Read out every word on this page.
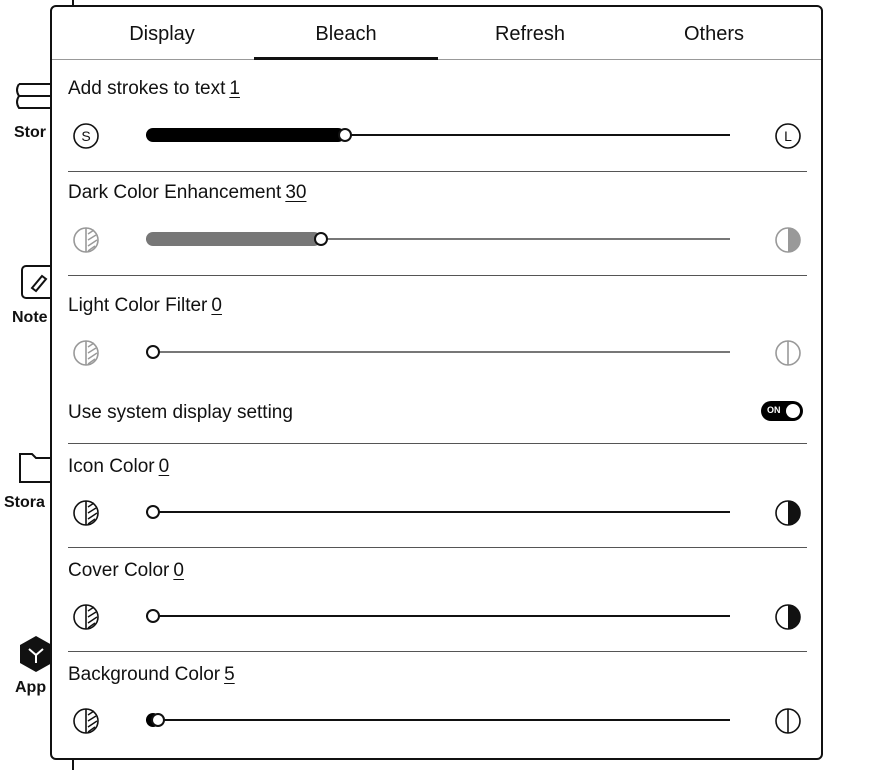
Stor
Note
Stora
App
Display	Bleach	Refresh	Others
Add strokes to text 1
S	L
Dark Color Enhancement 30
Light Color Filter 0
Use system display setting	ON
Icon Color 0
Cover Color 0
Background Color 5
